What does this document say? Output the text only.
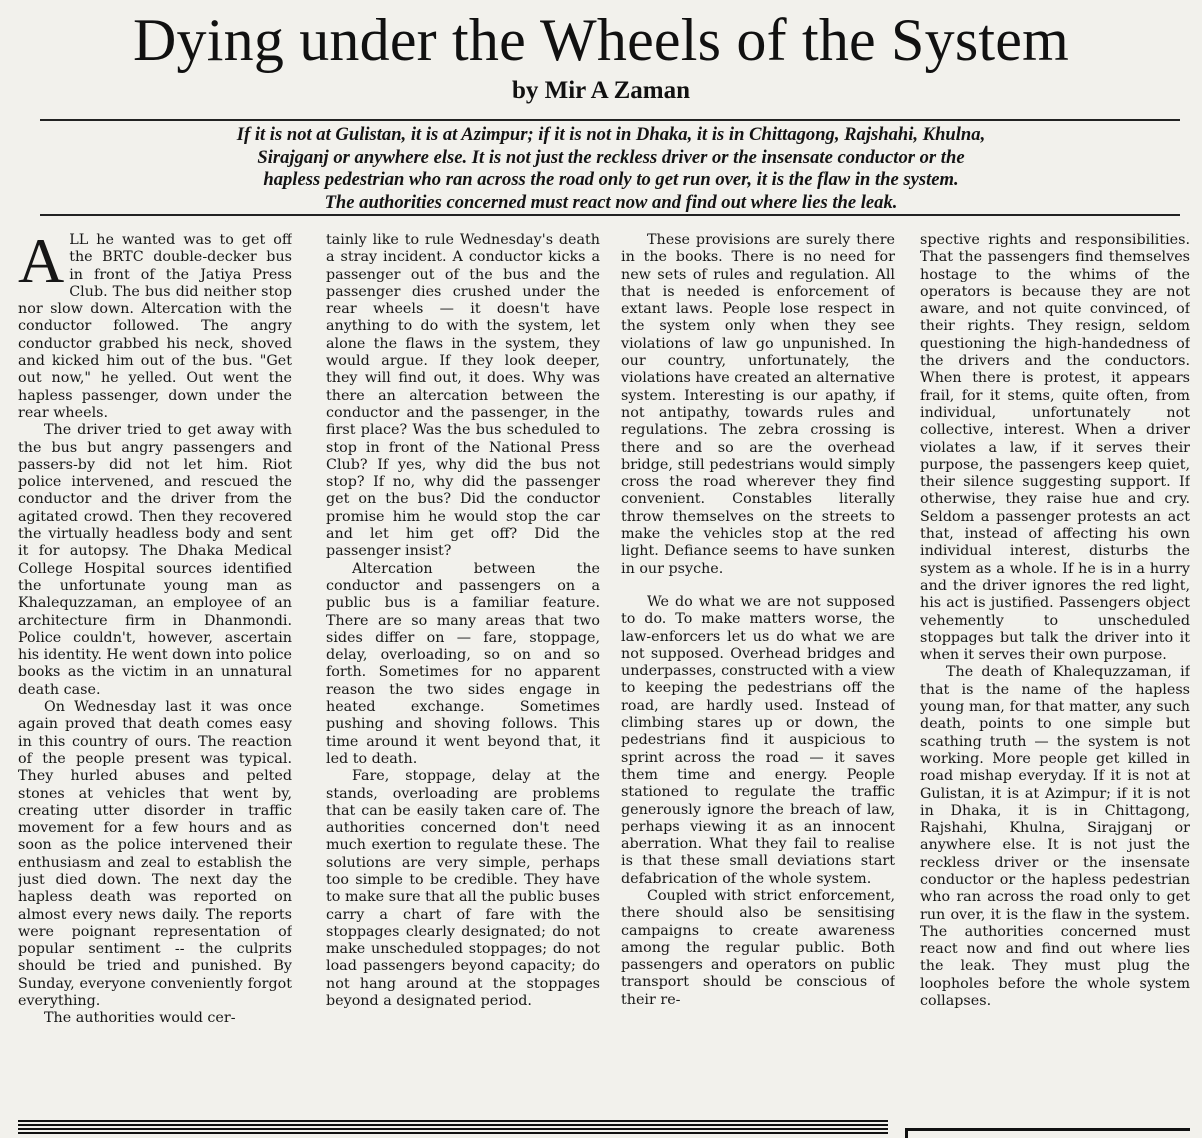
Dying under the Wheels of the System
by Mir A Zaman

If it is not at Gulistan, it is at Azimpur; if it is not in Dhaka, it is in Chittagong, Rajshahi, Khulna,

Sirajganj or anywhere else. It is not just the reckless driver or the insensate conductor or the

hapless pedestrian who ran across the road only to get run over, it is the flaw in the system.

The authorities concerned must react now and find out where lies the leak.

A LL he wanted was to get off the BRTC double-decker bus in front of the Jatiya Press Club. The bus did neither stop nor slow down. Altercation with the conductor followed. The angry conductor grabbed his neck, shoved and kicked him out of the bus. "Get out now," he yelled. Out went the hapless passenger, down under the rear wheels.

The driver tried to get away with the bus but angry passengers and passers-by did not let him. Riot police intervened, and rescued the conductor and the driver from the agitated crowd. Then they recovered the virtually headless body and sent it for autopsy. The Dhaka Medical College Hospital sources identified the unfortunate young man as Khalequzzaman, an employee of an architecture firm in Dhanmondi. Police couldn't, however, ascertain his identity. He went down into police books as the victim in an unnatural death case.

On Wednesday last it was once again proved that death comes easy in this country of ours. The reaction of the people present was typical. They hurled abuses and pelted stones at vehicles that went by, creating utter disorder in traffic movement for a few hours and as soon as the police intervened their enthusiasm and zeal to establish the just died down. The next day the hapless death was reported on almost every news daily. The reports were poignant representation of popular sentiment -- the culprits should be tried and punished. By Sunday, everyone conveniently forgot everything.

The authorities would cer-

tainly like to rule Wednesday's death a stray incident. A conductor kicks a passenger out of the bus and the passenger dies crushed under the rear wheels — it doesn't have anything to do with the system, let alone the flaws in the system, they would argue. If they look deeper, they will find out, it does. Why was there an altercation between the conductor and the passenger, in the first place? Was the bus scheduled to stop in front of the National Press Club? If yes, why did the bus not stop? If no, why did the passenger get on the bus? Did the conductor promise him he would stop the car and let him get off? Did the passenger insist?

Altercation between the conductor and passengers on a public bus is a familiar feature. There are so many areas that two sides differ on — fare, stoppage, delay, overloading, so on and so forth. Sometimes for no apparent reason the two sides engage in heated exchange. Sometimes pushing and shoving follows. This time around it went beyond that, it led to death.

Fare, stoppage, delay at the stands, overloading are problems that can be easily taken care of. The authorities concerned don't need much exertion to regulate these. The solutions are very simple, perhaps too simple to be credible. They have to make sure that all the public buses carry a chart of fare with the stoppages clearly designated; do not make unscheduled stoppages; do not load passengers beyond capacity; do not hang around at the stoppages beyond a designated period.

These provisions are surely there in the books. There is no need for new sets of rules and regulation. All that is needed is enforcement of extant laws. People lose respect in the system only when they see violations of law go unpunished. In our country, unfortunately, the violations have created an alternative system. Interesting is our apathy, if not antipathy, towards rules and regulations. The zebra crossing is there and so are the overhead bridge, still pedestrians would simply cross the road wherever they find convenient. Constables literally throw themselves on the streets to make the vehicles stop at the red light. Defiance seems to have sunken in our psyche.

We do what we are not supposed to do. To make matters worse, the law-enforcers let us do what we are not supposed. Overhead bridges and underpasses, constructed with a view to keeping the pedestrians off the road, are hardly used. Instead of climbing stares up or down, the pedestrians find it auspicious to sprint across the road — it saves them time and energy. People stationed to regulate the traffic generously ignore the breach of law, perhaps viewing it as an innocent aberration. What they fail to realise is that these small deviations start defabrication of the whole system.

Coupled with strict enforcement, there should also be sensitising campaigns to create awareness among the regular public. Both passengers and operators on public transport should be conscious of their re-

spective rights and responsibilities. That the passengers find themselves hostage to the whims of the operators is because they are not aware, and not quite convinced, of their rights. They resign, seldom questioning the high-handedness of the drivers and the conductors. When there is protest, it appears frail, for it stems, quite often, from individual, unfortunately not collective, interest. When a driver violates a law, if it serves their purpose, the passengers keep quiet, their silence suggesting support. If otherwise, they raise hue and cry. Seldom a passenger protests an act that, instead of affecting his own individual interest, disturbs the system as a whole. If he is in a hurry and the driver ignores the red light, his act is justified. Passengers object vehemently to unscheduled stoppages but talk the driver into it when it serves their own purpose.

The death of Khalequzzaman, if that is the name of the hapless young man, for that matter, any such death, points to one simple but scathing truth — the system is not working. More people get killed in road mishap everyday. If it is not at Gulistan, it is at Azimpur; if it is not in Dhaka, it is in Chittagong, Rajshahi, Khulna, Sirajganj or anywhere else. It is not just the reckless driver or the insensate conductor or the hapless pedestrian who ran across the road only to get run over, it is the flaw in the system. The authorities concerned must react now and find out where lies the leak. They must plug the loopholes before the whole system collapses.
